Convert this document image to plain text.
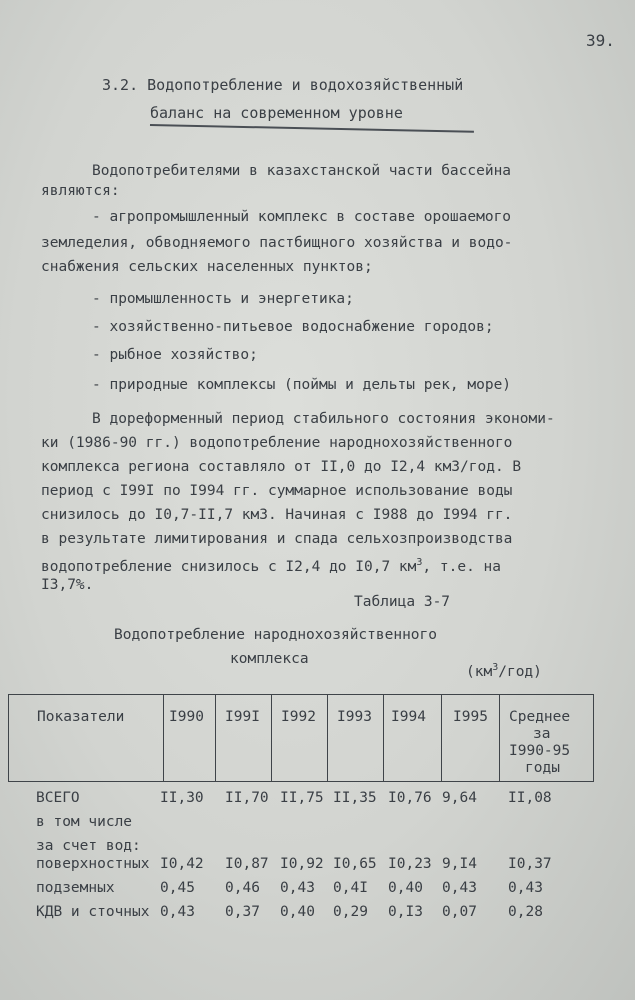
39.
3.2. Водопотребление и водохозяйственный
баланс на современном уровне
Водопотребителями в казахстанской части бассейна
являются:
- агропромышленный комплекс в составе орошаемого
земледелия, обводняемого пастбищного хозяйства и водо-
снабжения сельских населенных пунктов;
- промышленность и энергетика;
- хозяйственно-питьевое водоснабжение городов;
- рыбное хозяйство;
- природные комплексы (поймы и дельты рек, море)
В дореформенный период стабильного состояния экономи-
ки (1986-90 гг.) водопотребление народнохозяйственного
комплекса региона составляло от II,0 до I2,4 км3/год. В
период с I99I по I994 гг. суммарное использование воды
снизилось до I0,7-II,7 км3. Начиная с I988 до I994 гг.
в результате лимитирования и спада сельхозпроизводства
водопотребление снизилось с I2,4 до I0,7 $км^3$, т.е. на
I3,7%.
Таблица 3-7
Водопотребление народнохозяйственного
комплекса
$(км^3/год)$
Показатели	I990 I99I I992 I993 I994 I995 Среднее
за
I990-95
годы
ВСЕГО	II,30 II,70 II,75 II,35 I0,76 9,64 II,08
в том числе
за счет вод:
поверхностных I0,42 I0,87 I0,92 I0,65 I0,23 9,I4 I0,37
подземных	0,45 0,46 0,43 0,4I 0,40 0,43 0,43
КДВ и сточных 0,43 0,37 0,40 0,29 0,I3 0,07 0,28
